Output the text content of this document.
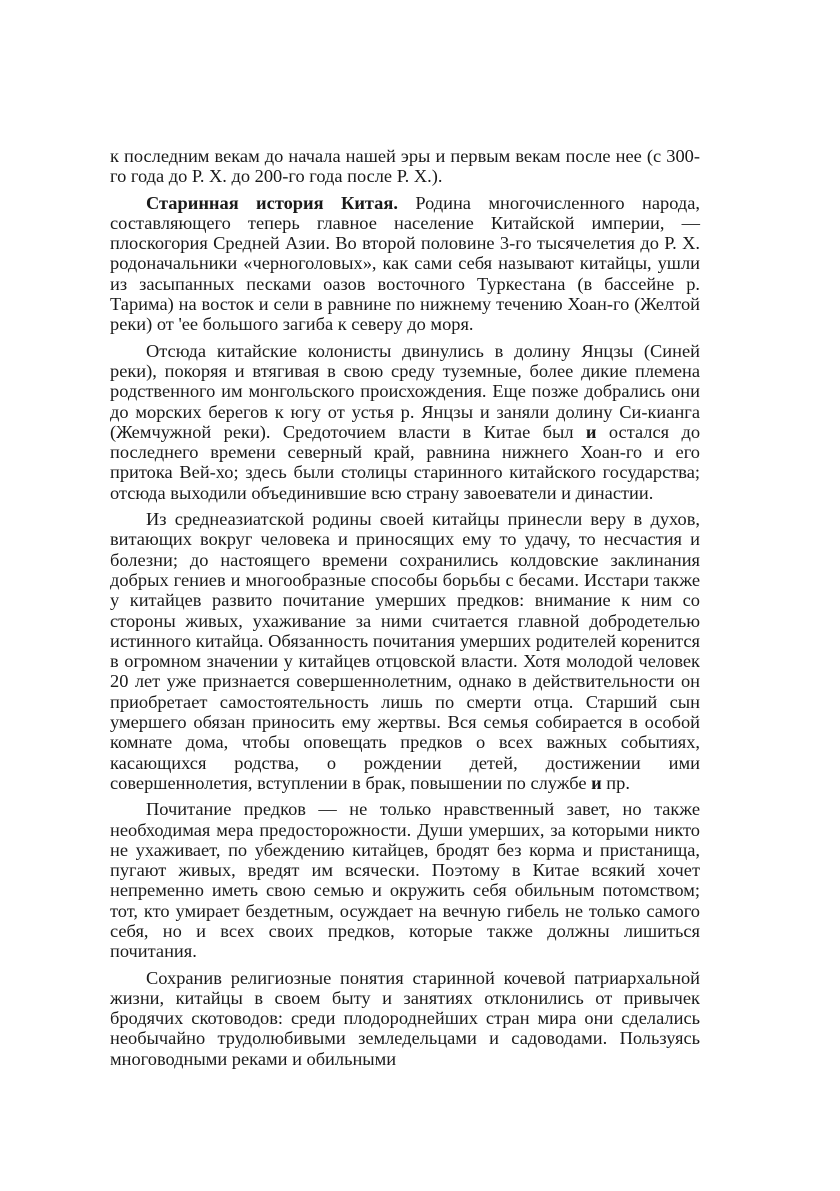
к последним векам до начала нашей эры и первым векам после нее (с 300-го года до Р. Х. до 200-го года после Р. Х.).

Старинная история Китая. Родина многочисленного народа, составляющего теперь главное население Китайской империи, — плоскогория Средней Азии. Во второй половине 3-го тысячелетия до Р. Х. родоначальники «черноголовых», как сами себя называют китайцы, ушли из засыпанных песками оазов восточного Туркестана (в бассейне р. Тарима) на восток и сели в равнине по нижнему течению Хоан-го (Желтой реки) от 'ее большого загиба к северу до моря.

Отсюда китайские колонисты двинулись в долину Янцзы (Синей реки), покоряя и втягивая в свою среду туземные, более дикие племена родственного им монгольского происхождения. Еще позже добрались они до морских берегов к югу от устья р. Янцзы и заняли долину Си-кианга (Жемчужной реки). Средоточием власти в Китае был и остался до последнего времени северный край, равнина нижнего Хоан-го и его притока Вей-хо; здесь были столицы старинного китайского государства; отсюда выходили объединившие всю страну завоеватели и династии.

Из среднеазиатской родины своей китайцы принесли веру в духов, витающих вокруг человека и приносящих ему то удачу, то несчастия и болезни; до настоящего времени сохранились колдовские заклинания добрых гениев и многообразные способы борьбы с бесами. Исстари также у китайцев развито почитание умерших предков: внимание к ним со стороны живых, ухаживание за ними считается главной добродетелью истинного китайца. Обязанность почитания умерших родителей коренится в огромном значении у китайцев отцовской власти. Хотя молодой человек 20 лет уже признается совершеннолетним, однако в действительности он приобретает самостоятельность лишь по смерти отца. Старший сын умершего обязан приносить ему жертвы. Вся семья собирается в особой комнате дома, чтобы оповещать предков о всех важных событиях, касающихся родства, о рождении детей, достижении ими совершеннолетия, вступлении в брак, повышении по службе и пр.

Почитание предков — не только нравственный завет, но также необходимая мера предосторожности. Души умерших, за которыми никто не ухаживает, по убеждению китайцев, бродят без корма и пристанища, пугают живых, вредят им всячески. Поэтому в Китае всякий хочет непременно иметь свою семью и окружить себя обильным потомством; тот, кто умирает бездетным, осуждает на вечную гибель не только самого себя, но и всех своих предков, которые также должны лишиться почитания.

Сохранив религиозные понятия старинной кочевой патриархальной жизни, китайцы в своем быту и занятиях отклонились от привычек бродячих скотоводов: среди плодороднейших стран мира они сделались необычайно трудолюбивыми земледельцами и садоводами. Пользуясь многоводными реками и обильными
